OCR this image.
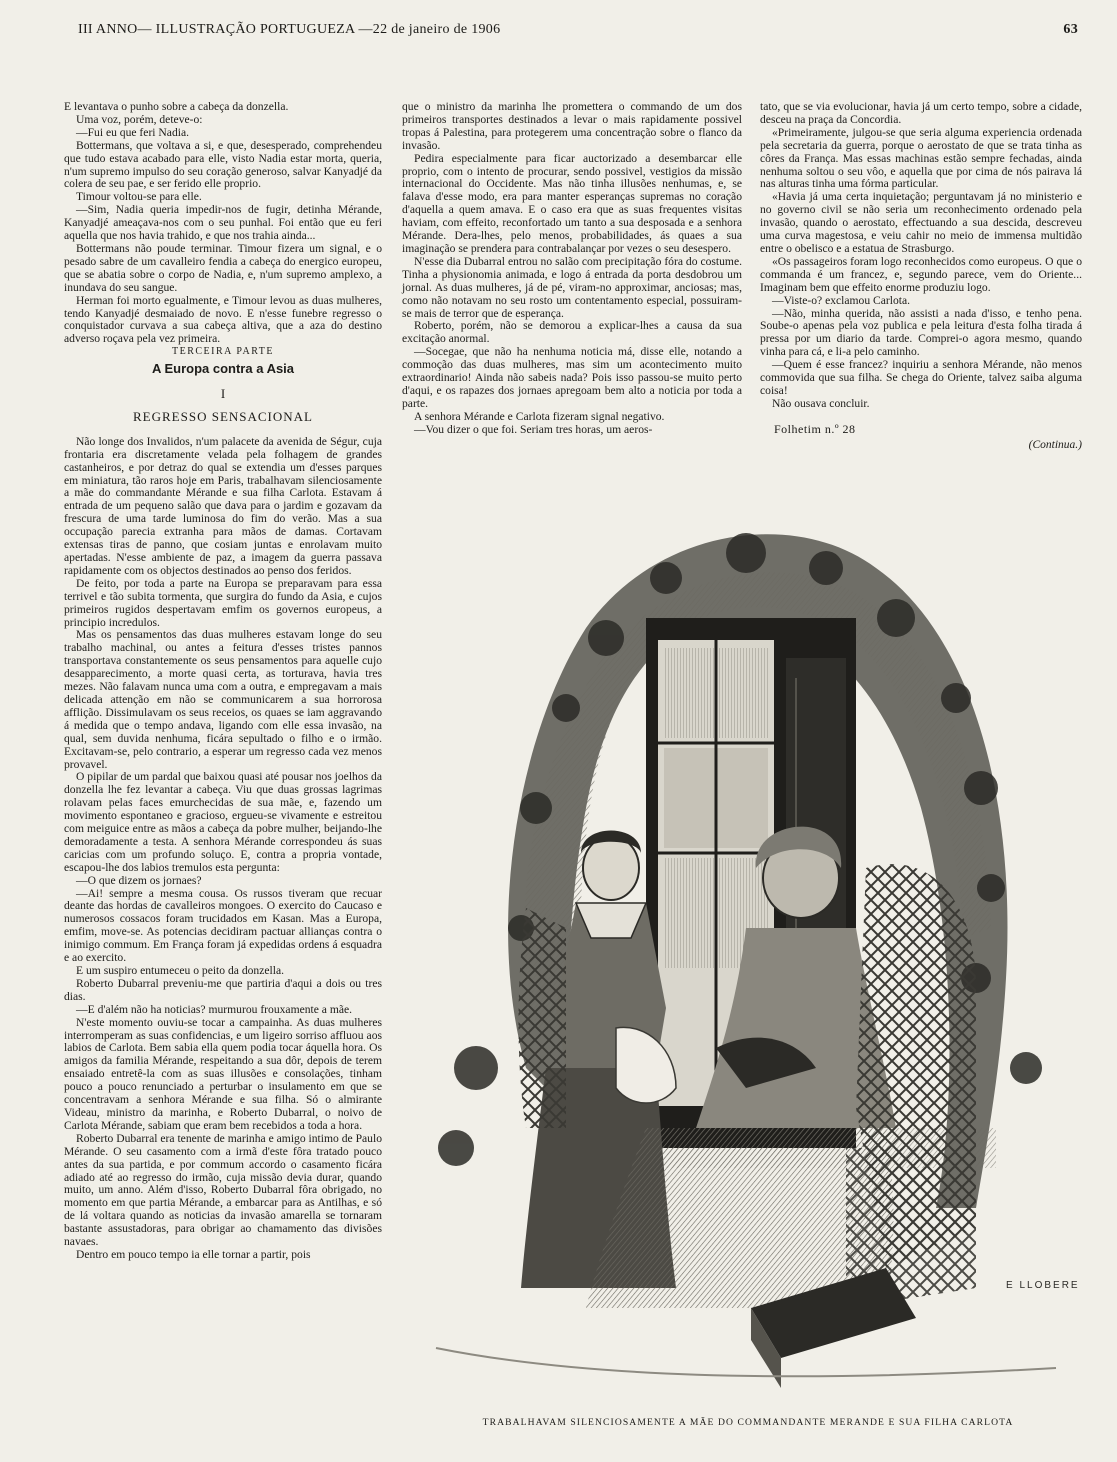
III ANNO— ILLUSTRAÇÃO PORTUGUEZA —22 de janeiro de 1906	63

E levantava o punho sobre a cabeça da donzella.

Uma voz, porém, deteve-o:

—Fui eu que feri Nadia.

Bottermans, que voltava a si, e que, desesperado, comprehendeu que tudo estava acabado para elle, visto Nadia estar morta, queria, n'um supremo impulso do seu coração generoso, salvar Kanyadjé da colera de seu pae, e ser ferido elle proprio.

Timour voltou-se para elle.

—Sim, Nadia queria impedir-nos de fugir, detinha Mérande, Kanyadjé ameaçava-nos com o seu punhal. Foi então que eu feri aquella que nos havia trahido, e que nos trahia ainda...

Bottermans não poude terminar. Timour fizera um signal, e o pesado sabre de um cavalleiro fendia a cabeça do energico europeu, que se abatia sobre o corpo de Nadia, e, n'um supremo amplexo, a inundava do seu sangue.

Herman foi morto egualmente, e Timour levou as duas mulheres, tendo Kanyadjé desmaiado de novo. E n'esse funebre regresso o conquistador curvava a sua cabeça altiva, que a aza do destino adverso roçava pela vez primeira.

TERCEIRA PARTE

A Europa contra a Asia
I
REGRESSO SENSACIONAL

Não longe dos Invalidos, n'um palacete da avenida de Ségur, cuja frontaria era discretamente velada pela folhagem de grandes castanheiros, e por detraz do qual se extendia um d'esses parques em miniatura, tão raros hoje em Paris, trabalhavam silenciosamente a mãe do commandante Mérande e sua filha Carlota. Estavam á entrada de um pequeno salão que dava para o jardim e gozavam da frescura de uma tarde luminosa do fim do verão. Mas a sua occupação parecia extranha para mãos de damas. Cortavam extensas tiras de panno, que cosiam juntas e enrolavam muito apertadas. N'esse ambiente de paz, a imagem da guerra passava rapidamente com os objectos destinados ao penso dos feridos.

De feito, por toda a parte na Europa se preparavam para essa terrivel e tão subita tormenta, que surgira do fundo da Asia, e cujos primeiros rugidos despertavam emfim os governos europeus, a principio incredulos.

Mas os pensamentos das duas mulheres estavam longe do seu trabalho machinal, ou antes a feitura d'esses tristes pannos transportava constantemente os seus pensamentos para aquelle cujo desapparecimento, a morte quasi certa, as torturava, havia tres mezes. Não falavam nunca uma com a outra, e empregavam a mais delicada attenção em não se communicarem a sua horrorosa afflição. Dissimulavam os seus receios, os quaes se iam aggravando á medida que o tempo andava, ligando com elle essa invasão, na qual, sem duvida nenhuma, ficára sepultado o filho e o irmão. Excitavam-se, pelo contrario, a esperar um regresso cada vez menos provavel.

O pipilar de um pardal que baixou quasi até pousar nos joelhos da donzella lhe fez levantar a cabeça. Viu que duas grossas lagrimas rolavam pelas faces emurchecidas de sua mãe, e, fazendo um movimento espontaneo e gracioso, ergueu-se vivamente e estreitou com meiguice entre as mãos a cabeça da pobre mulher, beijando-lhe demoradamente a testa. A senhora Mérande correspondeu ás suas caricias com um profundo soluço. E, contra a propria vontade, escapou-lhe dos labios tremulos esta pergunta:

—O que dizem os jornaes?

—Ai! sempre a mesma cousa. Os russos tiveram que recuar deante das hordas de cavalleiros mongoes. O exercito do Caucaso e numerosos cossacos foram trucidados em Kasan. Mas a Europa, emfim, move-se. As potencias decidiram pactuar allianças contra o inimigo commum. Em França foram já expedidas ordens á esquadra e ao exercito.

E um suspiro entumeceu o peito da donzella.

Roberto Dubarral preveniu-me que partiria d'aqui a dois ou tres dias.

—E d'além não ha noticias? murmurou frouxamente a mãe.

N'este momento ouviu-se tocar a campainha. As duas mulheres interromperam as suas confidencias, e um ligeiro sorriso affluou aos labios de Carlota. Bem sabia ella quem podia tocar áquella hora. Os amigos da familia Mérande, respeitando a sua dôr, depois de terem ensaiado entretê-la com as suas illusões e consolações, tinham pouco a pouco renunciado a perturbar o insulamento em que se concentravam a senhora Mérande e sua filha. Só o almirante Videau, ministro da marinha, e Roberto Dubarral, o noivo de Carlota Mérande, sabiam que eram bem recebidos a toda a hora.

Roberto Dubarral era tenente de marinha e amigo intimo de Paulo Mérande. O seu casamento com a irmã d'este fôra tratado pouco antes da sua partida, e por commum accordo o casamento ficára adiado até ao regresso do irmão, cuja missão devia durar, quando muito, um anno. Além d'isso, Roberto Dubarral fôra obrigado, no momento em que partia Mérande, a embarcar para as Antilhas, e só de lá voltara quando as noticias da invasão amarella se tornaram bastante assustadoras, para obrigar ao chamamento das divisões navaes.

Dentro em pouco tempo ia elle tornar a partir, pois

que o ministro da marinha lhe promettera o commando de um dos primeiros transportes destinados a levar o mais rapidamente possivel tropas á Palestina, para protegerem uma concentração sobre o flanco da invasão.

Pedira especialmente para ficar auctorizado a desembarcar elle proprio, com o intento de procurar, sendo possivel, vestigios da missão internacional do Occidente. Mas não tinha illusões nenhumas, e, se falava d'esse modo, era para manter esperanças supremas no coração d'aquella a quem amava. E o caso era que as suas frequentes visitas haviam, com effeito, reconfortado um tanto a sua desposada e a senhora Mérande. Dera-lhes, pelo menos, probabilidades, ás quaes a sua imaginação se prendera para contrabalançar por vezes o seu desespero.

N'esse dia Dubarral entrou no salão com precipitação fóra do costume. Tinha a physionomia animada, e logo á entrada da porta desdobrou um jornal. As duas mulheres, já de pé, viram-no approximar, anciosas; mas, como não notavam no seu rosto um contentamento especial, possuiram-se mais de terror que de esperança.

Roberto, porém, não se demorou a explicar-lhes a causa da sua excitação anormal.

—Socegae, que não ha nenhuma noticia má, disse elle, notando a commoção das duas mulheres, mas sim um acontecimento muito extraordinario! Ainda não sabeis nada? Pois isso passou-se muito perto d'aqui, e os rapazes dos jornaes apregoam bem alto a noticia por toda a parte.

A senhora Mérande e Carlota fizeram signal negativo.

—Vou dizer o que foi. Seriam tres horas, um aeros-

tato, que se via evolucionar, havia já um certo tempo, sobre a cidade, desceu na praça da Concordia.

«Primeiramente, julgou-se que seria alguma experiencia ordenada pela secretaria da guerra, porque o aerostato de que se trata tinha as côres da França. Mas essas machinas estão sempre fechadas, ainda nenhuma soltou o seu vôo, e aquella que por cima de nós pairava lá nas alturas tinha uma fórma particular.

«Havia já uma certa inquietação; perguntavam já no ministerio e no governo civil se não seria um reconhecimento ordenado pela invasão, quando o aerostato, effectuando a sua descida, descreveu uma curva magestosa, e veiu cahir no meio de immensa multidão entre o obelisco e a estatua de Strasburgo.

«Os passageiros foram logo reconhecidos como europeus. O que o commanda é um francez, e, segundo parece, vem do Oriente... Imaginam bem que effeito enorme produziu logo.

—Viste-o? exclamou Carlota.

—Não, minha querida, não assisti a nada d'isso, e tenho pena. Soube-o apenas pela voz publica e pela leitura d'esta folha tirada á pressa por um diario da tarde. Comprei-o agora mesmo, quando vinha para cá, e li-a pelo caminho.

—Quem é esse francez? inquiriu a senhora Mérande, não menos commovida que sua filha. Se chega do Oriente, talvez saiba alguma coisa!

Não ousava concluir.

Folhetim n.º 28
(Continua.)
E LLOBERE
TRABALHAVAM SILENCIOSAMENTE A MÃE DO COMMANDANTE MERANDE E SUA FILHA CARLOTA
